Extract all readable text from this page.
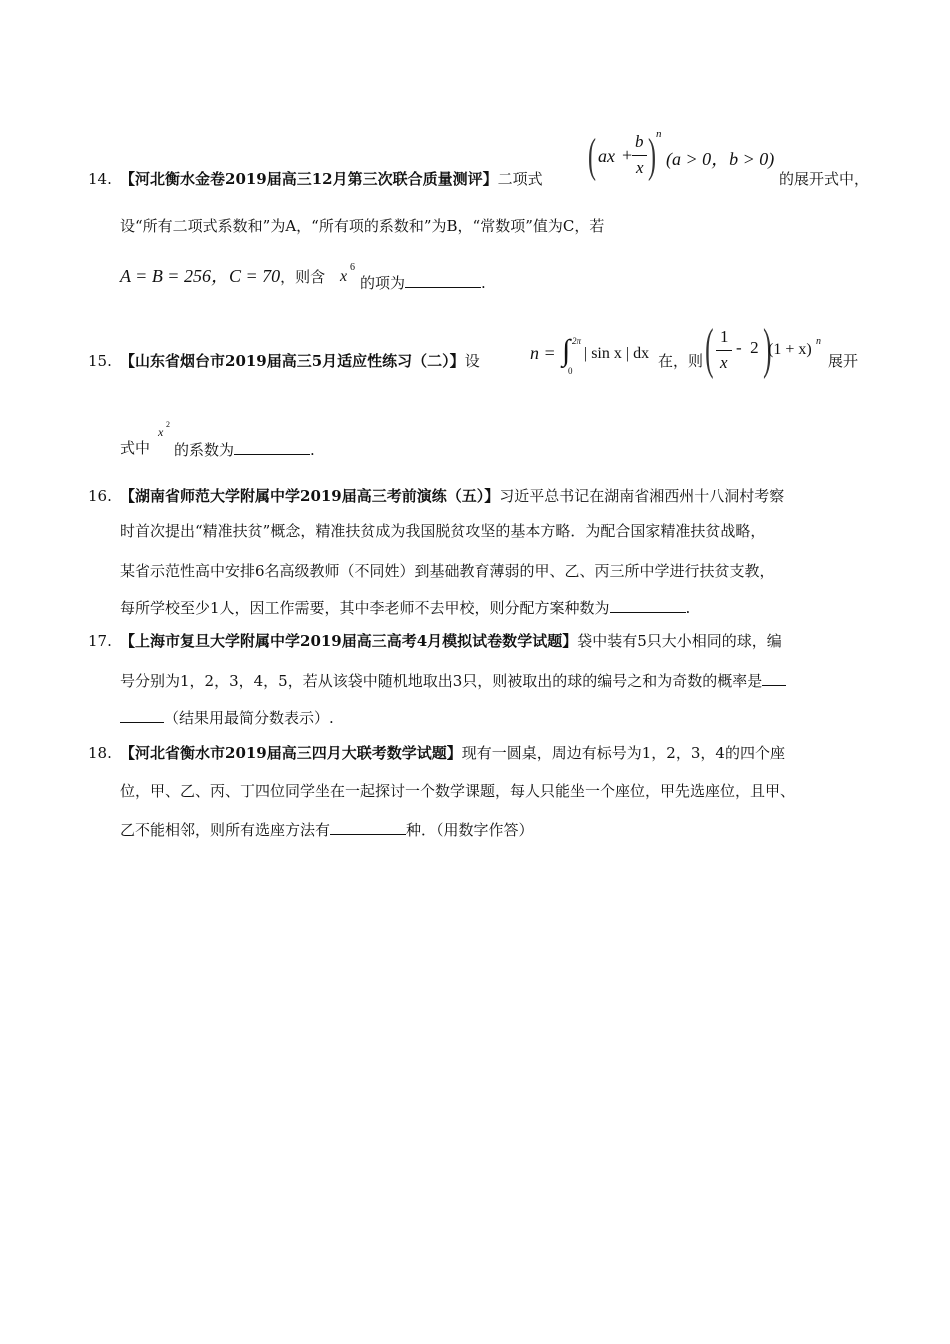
14. 【河北衡水金卷2019届高三12月第三次联合质量测评】二项式 ( ax +
b
x ) n
(a > 0，b > 0)
的展开式中，
设“所有二项式系数和”为A，“所有项的系数和”为B，“常数项”值为C，若
A = B = 256，C = 70，则含 x
6
的项为	.
15. 【山东省烟台市2019届高三5月适应性练习（二）】设	n = ∫ 2π
0
| sin x | dx 在，则 ( 1
x
-  2 )
(1 + x) n
展开
式中
x
2
的系数为	.
16. 【湖南省师范大学附属中学2019届高三考前演练（五）】习近平总书记在湖南省湘西州十八洞村考察
时首次提出“精准扶贫”概念，精准扶贫成为我国脱贫攻坚的基本方略．为配合国家精准扶贫战略，
某省示范性高中安排6名高级教师（不同姓）到基础教育薄弱的甲、乙、丙三所中学进行扶贫支教，
每所学校至少1人，因工作需要，其中李老师不去甲校，则分配方案种数为	.
17. 【上海市复旦大学附属中学2019届高三高考4月模拟试卷数学试题】袋中装有5只大小相同的球，编
号分别为1，2，3，4，5，若从该袋中随机地取出3只，则被取出的球的编号之和为奇数的概率是
（结果用最简分数表示）.
18. 【河北省衡水市2019届高三四月大联考数学试题】现有一圆桌，周边有标号为1，2，3，4的四个座
位，甲、乙、丙、丁四位同学坐在一起探讨一个数学课题，每人只能坐一个座位，甲先选座位，且甲、
乙不能相邻，则所有选座方法有	种．（用数字作答）
